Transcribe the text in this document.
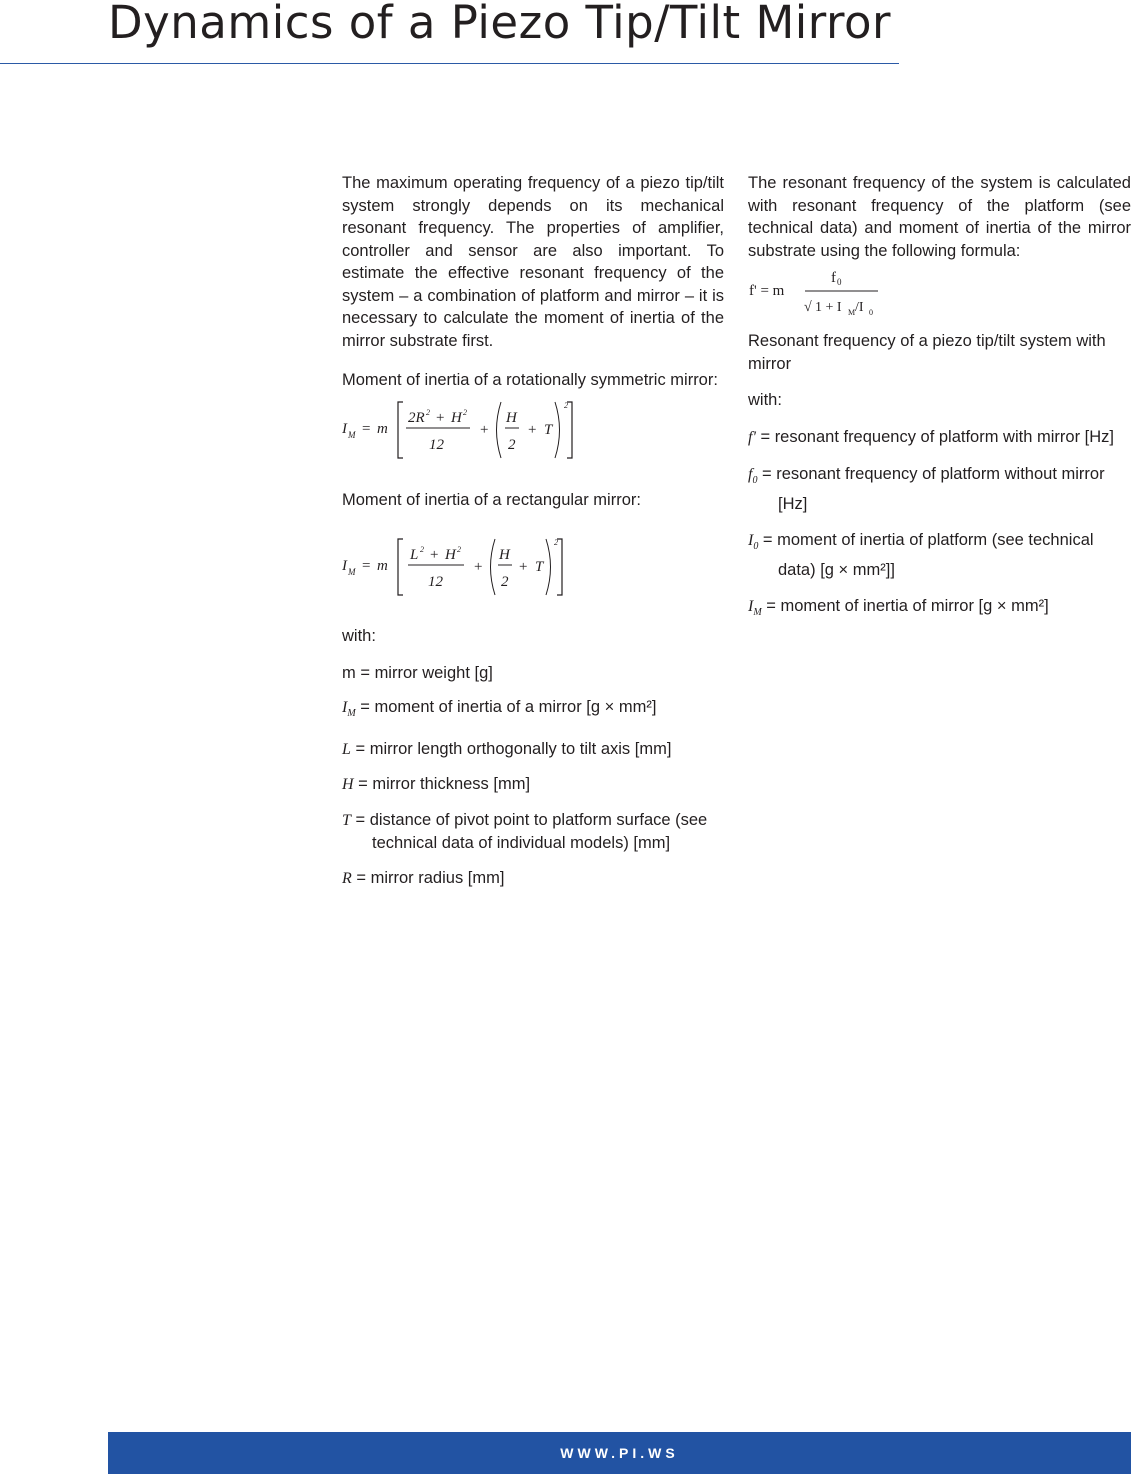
Dynamics of a Piezo Tip/Tilt Mirror

The maximum operating frequency of a piezo tip/tilt system strongly depends on its mechanical resonant frequency. The properties of amplifier, controller and sensor are also important. To estimate the effective resonant frequency of the system – a combination of platform and mirror – it is necessary to calculate the moment of inertia of the mirror substrate first.

Moment of inertia of a rotationally symmetric mirror:

I M = m
2R 2 + H 2
12
+
H
2
+ T
2

Moment of inertia of a rectangular mirror:

I M = m
L 2 + H 2
12
+
H
2
+ T
2

with:

m = mirror weight [g]

$I_M$ = moment of inertia of a mirror [g × mm²]

L = mirror length orthogonally to tilt axis [mm]

H = mirror thickness [mm]

T = distance of pivot point to platform surface (see technical data of individual models) [mm]

R = mirror radius [mm]

The resonant frequency of the system is calculated with resonant frequency of the platform (see technical data) and moment of inertia of the mirror substrate using the following formula:

f' = m
f 0
√ 1 + I M /I 0

Resonant frequency of a piezo tip/tilt system with mirror

with:

f' = resonant frequency of platform with mirror [Hz]

$f_0$ = resonant frequency of platform without mirror [Hz]

$I_0$ = moment of inertia of platform (see technical data) [g × mm²]]

$I_M$ = moment of inertia of mirror [g × mm²]

WWW.PI.WS
